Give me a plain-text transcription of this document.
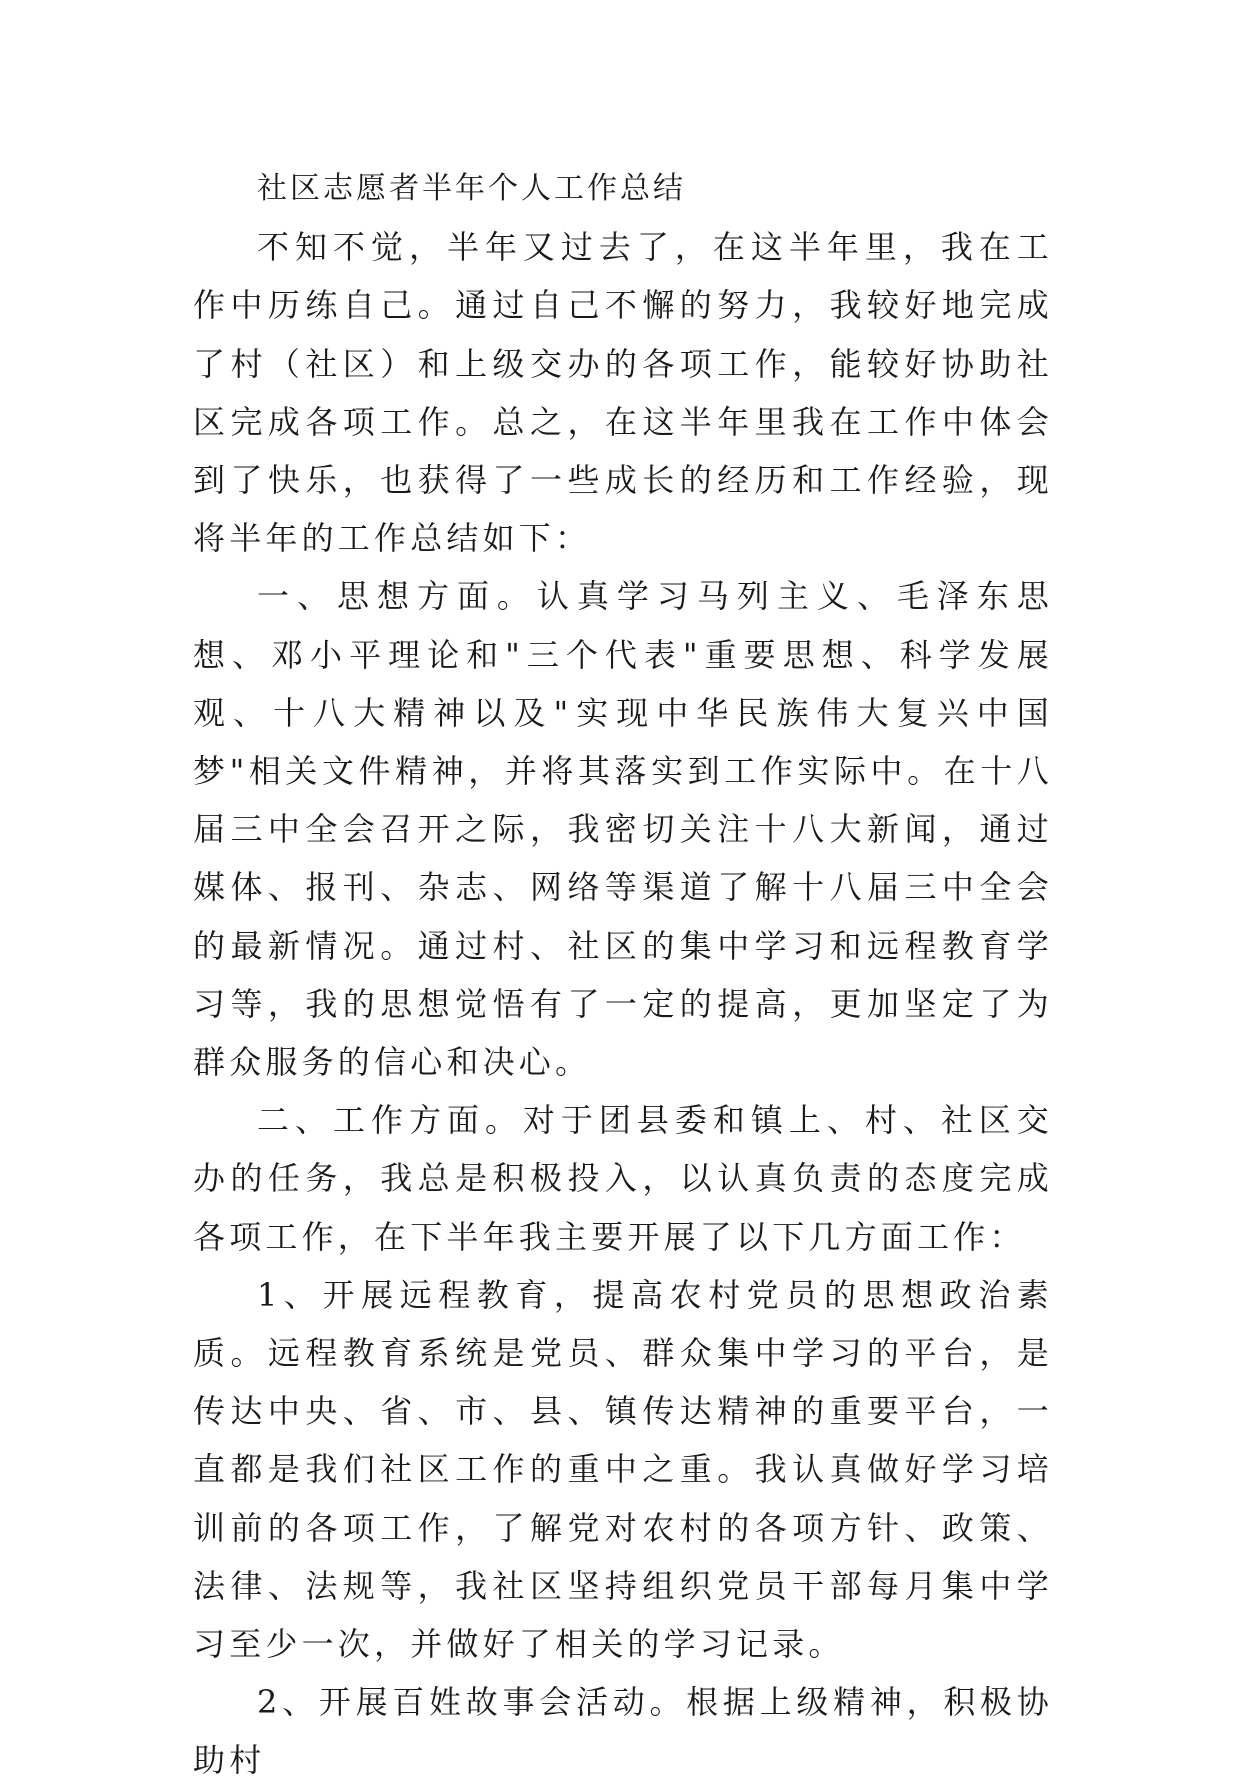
社区志愿者半年个人工作总结

不知不觉，半年又过去了，在这半年里，我在工作中历练自己。通过自己不懈的努力，我较好地完成了村（社区）和上级交办的各项工作，能较好协助社区完成各项工作。总之，在这半年里我在工作中体会到了快乐，也获得了一些成长的经历和工作经验，现将半年的工作总结如下：

一、思想方面。认真学习马列主义、毛泽东思想、邓小平理论和"三个代表"重要思想、科学发展观、十八大精神以及"实现中华民族伟大复兴中国梦"相关文件精神，并将其落实到工作实际中。在十八届三中全会召开之际，我密切关注十八大新闻，通过媒体、报刊、杂志、网络等渠道了解十八届三中全会的最新情况。通过村、社区的集中学习和远程教育学习等，我的思想觉悟有了一定的提高，更加坚定了为群众服务的信心和决心。

二、工作方面。对于团县委和镇上、村、社区交办的任务，我总是积极投入，以认真负责的态度完成各项工作，在下半年我主要开展了以下几方面工作：

1、开展远程教育，提高农村党员的思想政治素质。远程教育系统是党员、群众集中学习的平台，是传达中央、省、市、县、镇传达精神的重要平台，一直都是我们社区工作的重中之重。我认真做好学习培训前的各项工作，了解党对农村的各项方针、政策、法律、法规等，我社区坚持组织党员干部每月集中学习至少一次，并做好了相关的学习记录。

2、开展百姓故事会活动。根据上级精神，积极协助村
